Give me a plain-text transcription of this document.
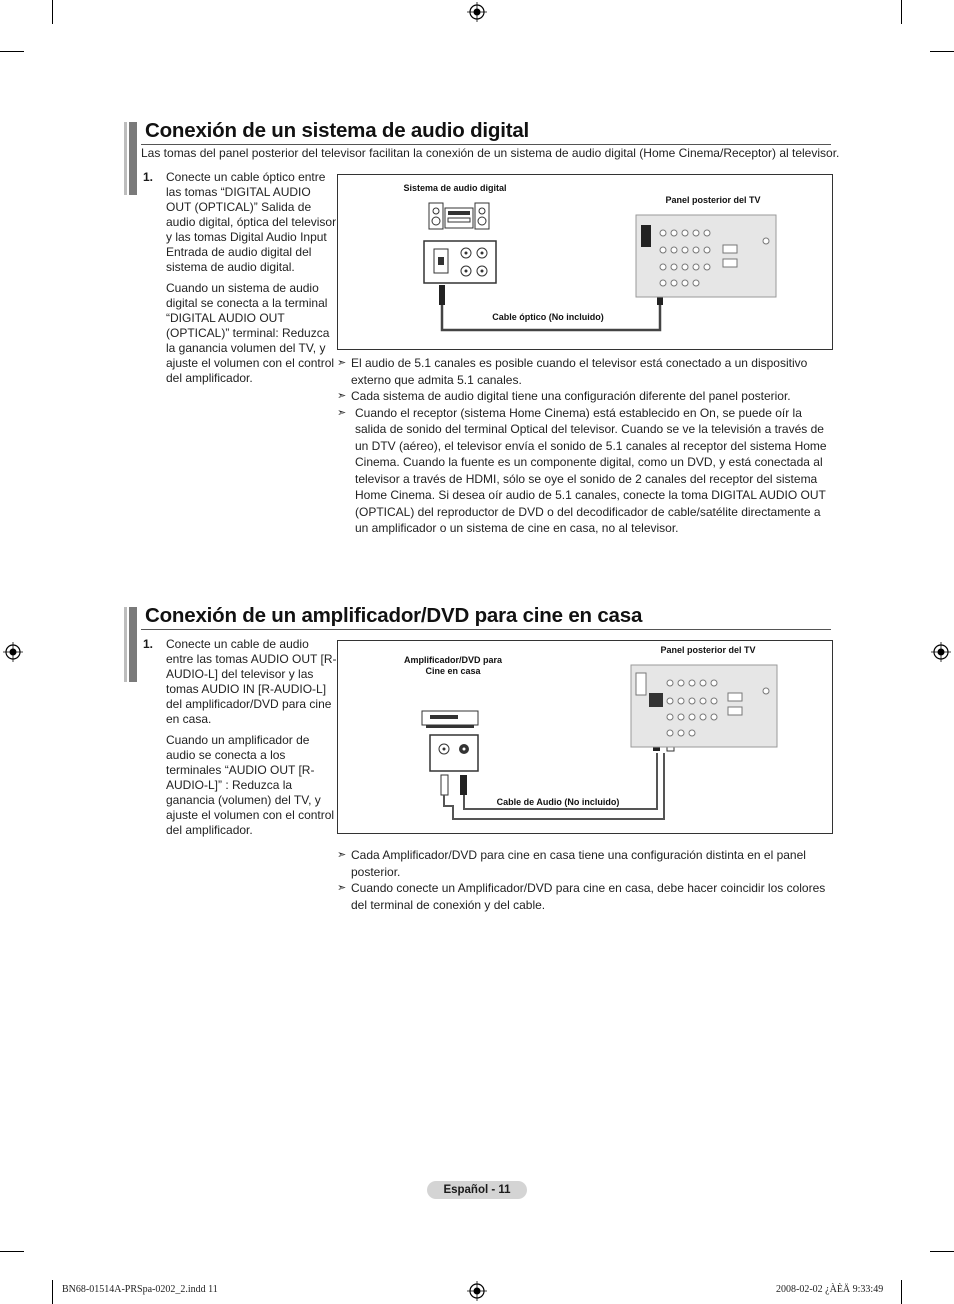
Conexión de un sistema de audio digital
Las tomas del panel posterior del televisor facilitan la conexión de un sistema de audio digital (Home Cinema/Receptor) al televisor.
1. Conecte un cable óptico entre las tomas “DIGITAL AUDIO OUT (OPTICAL)” Salida de audio digital, óptica del televisor y las tomas Digital Audio Input Entrada de audio digital del sistema de audio digital.

Cuando un sistema de audio digital se conecta a la terminal “DIGITAL AUDIO OUT (OPTICAL)” terminal: Reduzca la ganancia volumen del TV, y ajuste el volumen con el control del amplificador.

Sistema de audio digital
Panel posterior del TV
Cable óptico (No incluido)

➣ El audio de 5.1 canales es posible cuando el televisor está conectado a un dispositivo externo que admita 5.1 canales.

➣ Cada sistema de audio digital tiene una configuración diferente del panel posterior.

➣ Cuando el receptor (sistema Home Cinema) está establecido en On, se puede oír la salida de sonido del terminal Optical del televisor. Cuando se ve la televisión a través de un DTV (aéreo), el televisor envía el sonido de 5.1 canales al receptor del sistema Home Cinema. Cuando la fuente es un componente digital, como un DVD, y está conectada al televisor a través de HDMI, sólo se oye el sonido de 2 canales del receptor del sistema Home Cinema. Si desea oír audio de 5.1 canales, conecte la toma DIGITAL AUDIO OUT (OPTICAL) del reproductor de DVD o del decodificador de cable/satélite directamente a un amplificador o un sistema de cine en casa, no al televisor.

Conexión de un amplificador/DVD para cine en casa
1. Conecte un cable de audio entre las tomas AUDIO OUT [R-AUDIO-L] del televisor y las tomas AUDIO IN [R-AUDIO-L] del amplificador/DVD para cine en casa.

Cuando un amplificador de audio se conecta a los terminales “AUDIO OUT [R-AUDIO-L]” : Reduzca la ganancia (volumen) del TV, y ajuste el volumen con el control del amplificador.

Amplificador/DVD para
Cine en casa
Panel posterior del TV
Cable de Audio (No incluido)

➣ Cada Amplificador/DVD para cine en casa tiene una configuración distinta en el panel posterior.

➣ Cuando conecte un Amplificador/DVD para cine en casa, debe hacer coincidir los colores del terminal de conexión y del cable.

Español - 11
BN68-01514A-PRSpa-0202_2.indd 11	2008-02-02 ¿ÀÈÄ 9:33:49
